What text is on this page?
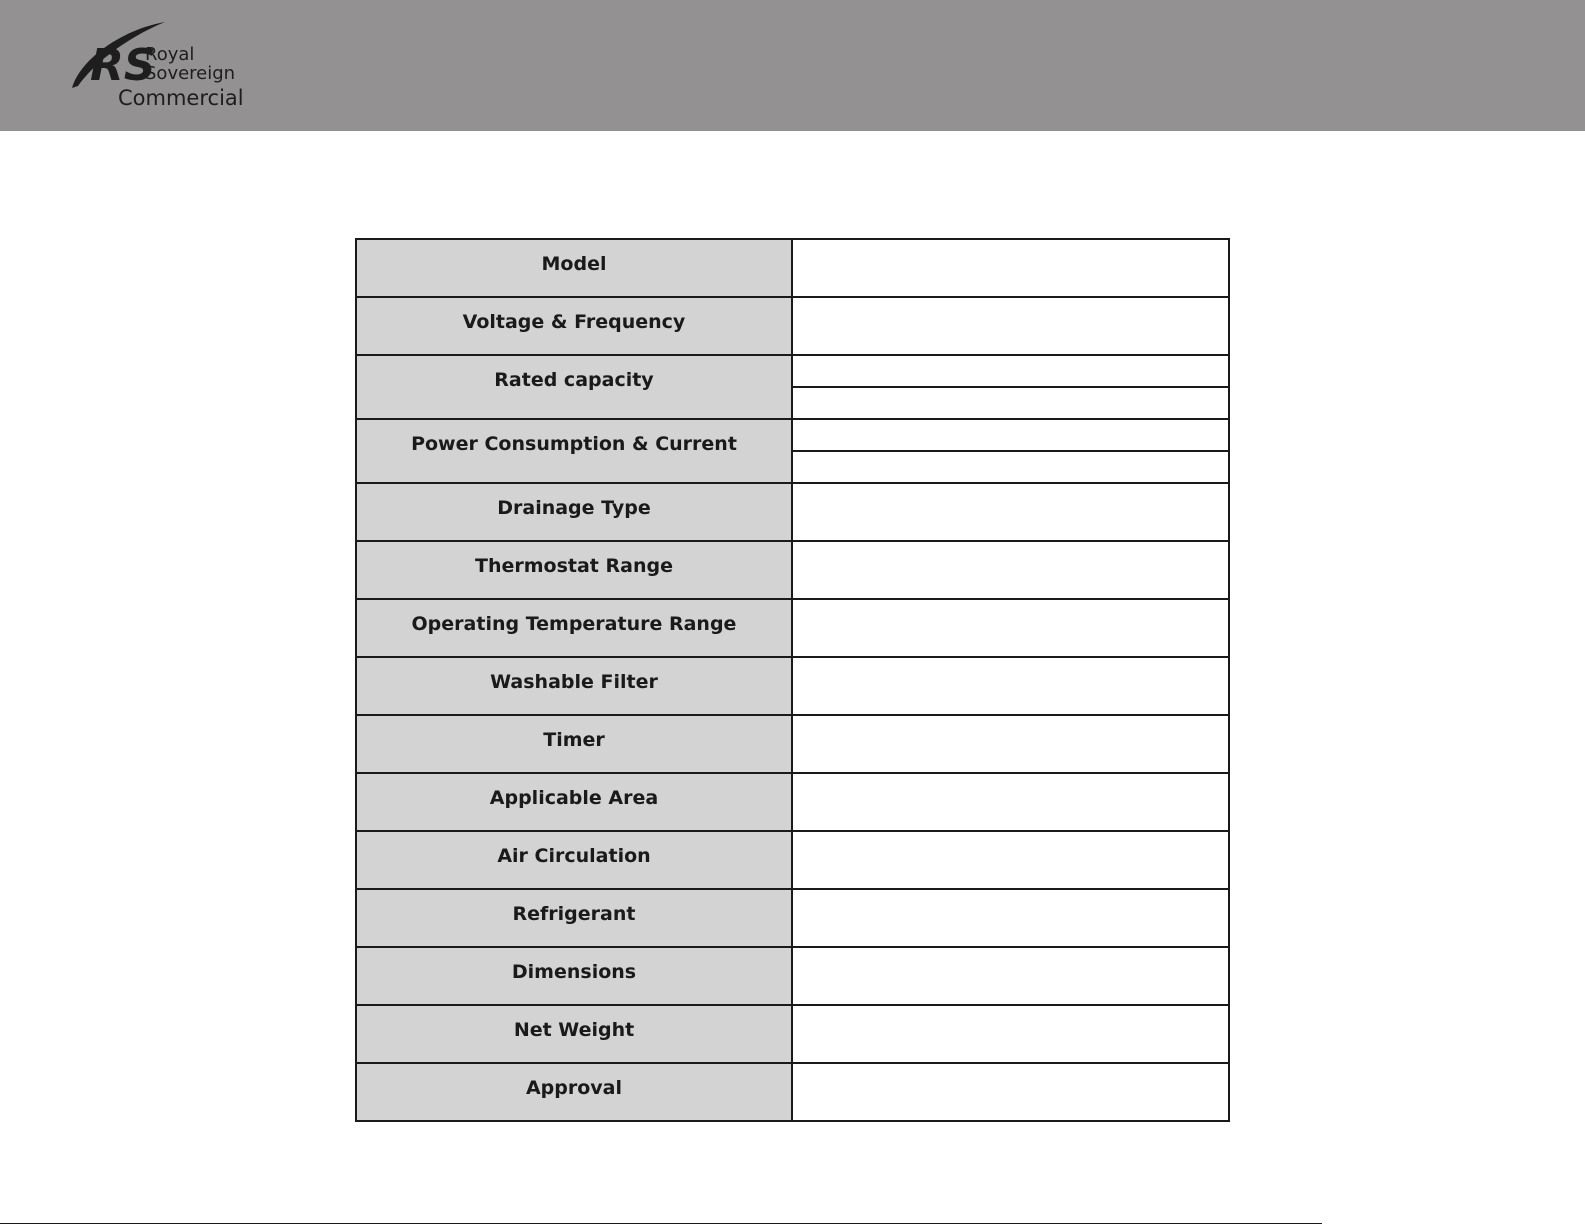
RS
Royal
Sovereign
Commercial
Model	
Voltage & Frequency	
Rated capacity	

Power Consumption & Current	

Drainage Type	
Thermostat Range	
Operating Temperature Range	
Washable Filter	
Timer	
Applicable Area	
Air Circulation	
Refrigerant	
Dimensions	
Net Weight	
Approval	
